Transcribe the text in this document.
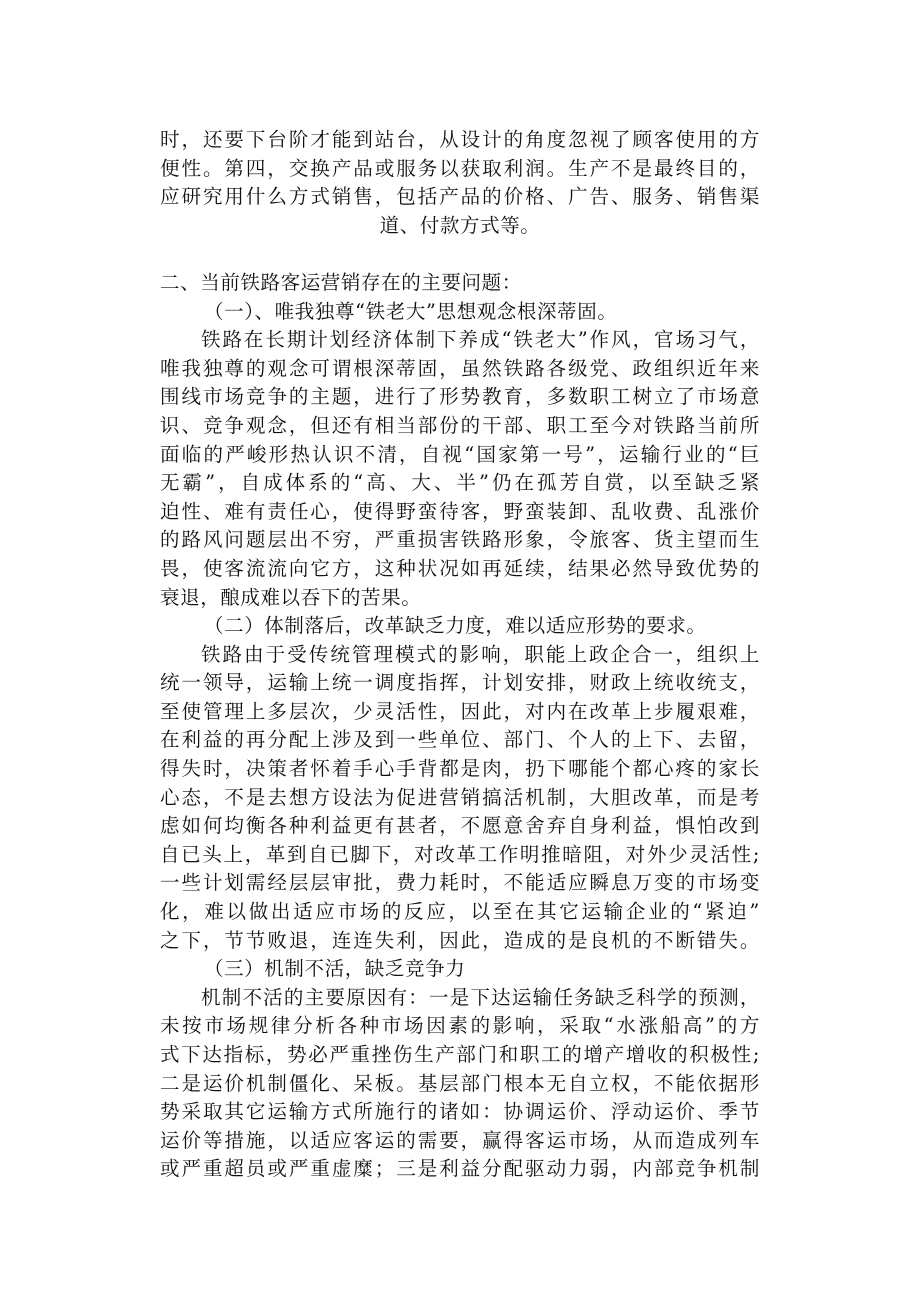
时，还要下台阶才能到站台，从设计的角度忽视了顾客使用的方
便性。第四，交换产品或服务以获取利润。生产不是最终目的，
应研究用什么方式销售，包括产品的价格、广告、服务、销售渠
道、付款方式等。
二、当前铁路客运营销存在的主要问题：
（一）、唯我独尊“铁老大”思想观念根深蒂固。
铁路在长期计划经济体制下养成“铁老大”作风，官场习气，
唯我独尊的观念可谓根深蒂固，虽然铁路各级党、政组织近年来
围线市场竞争的主题，进行了形势教育，多数职工树立了市场意
识、竞争观念，但还有相当部份的干部、职工至今对铁路当前所
面临的严峻形热认识不清，自视“国家第一号”，运输行业的“巨
无霸”，自成体系的“高、大、半”仍在孤芳自赏，以至缺乏紧
迫性、难有责任心，使得野蛮待客，野蛮装卸、乱收费、乱涨价
的路风问题层出不穷，严重损害铁路形象，令旅客、货主望而生
畏，使客流流向它方，这种状况如再延续，结果必然导致优势的
衰退，酿成难以吞下的苦果。
（二）体制落后，改革缺乏力度，难以适应形势的要求。
铁路由于受传统管理模式的影响，职能上政企合一，组织上
统一领导，运输上统一调度指挥，计划安排，财政上统收统支，
至使管理上多层次，少灵活性，因此，对内在改革上步履艰难，
在利益的再分配上涉及到一些单位、部门、个人的上下、去留，
得失时，决策者怀着手心手背都是肉，扔下哪能个都心疼的家长
心态，不是去想方设法为促进营销搞活机制，大胆改革，而是考
虑如何均衡各种利益更有甚者，不愿意舍弃自身利益，惧怕改到
自已头上，革到自已脚下，对改革工作明推暗阻，对外少灵活性;
一些计划需经层层审批，费力耗时，不能适应瞬息万变的市场变
化，难以做出适应市场的反应，以至在其它运输企业的“紧迫”
之下，节节败退，连连失利，因此，造成的是良机的不断错失。
（三）机制不活，缺乏竞争力
机制不活的主要原因有：一是下达运输任务缺乏科学的预测，
未按市场规律分析各种市场因素的影响，采取“水涨船高”的方
式下达指标，势必严重挫伤生产部门和职工的增产增收的积极性;
二是运价机制僵化、呆板。基层部门根本无自立权，不能依据形
势采取其它运输方式所施行的诸如：协调运价、浮动运价、季节
运价等措施，以适应客运的需要，赢得客运市场，从而造成列车
或严重超员或严重虚糜；三是利益分配驱动力弱，内部竞争机制
